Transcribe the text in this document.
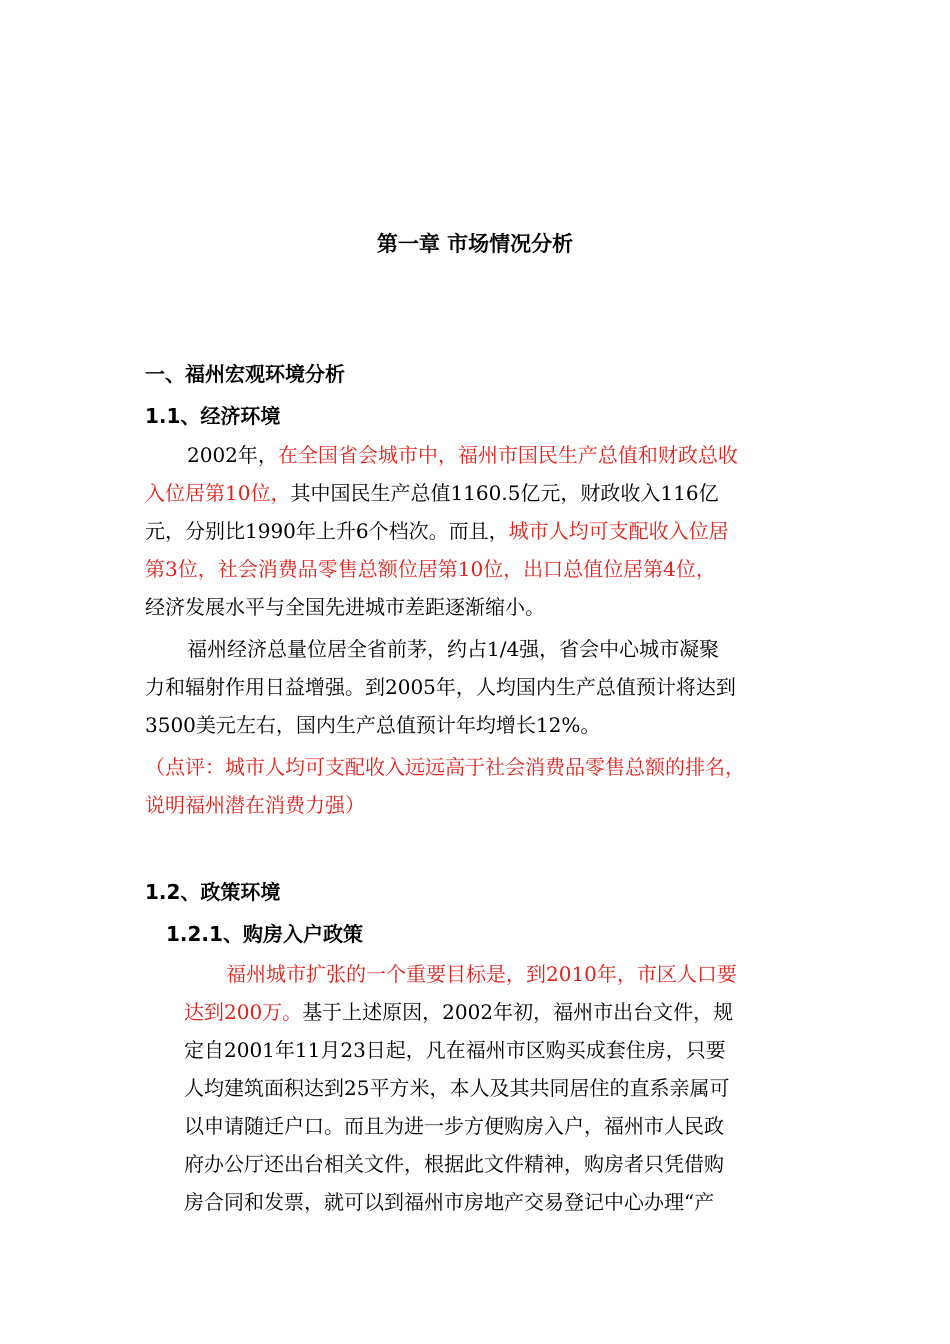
第一章 市场情况分析
一、福州宏观环境分析
1.1、经济环境
2002年，在全国省会城市中，福州市国民生产总值和财政总收
入位居第10位，其中国民生产总值1160.5亿元，财政收入116亿
元，分别比1990年上升6个档次。而且，城市人均可支配收入位居
第3位，社会消费品零售总额位居第10位，出口总值位居第4位，
经济发展水平与全国先进城市差距逐渐缩小。
福州经济总量位居全省前茅，约占1/4强，省会中心城市凝聚
力和辐射作用日益增强。到2005年，人均国内生产总值预计将达到
3500美元左右，国内生产总值预计年均增长12%。
（点评：城市人均可支配收入远远高于社会消费品零售总额的排名，
说明福州潜在消费力强）
1.2、政策环境
1.2.1、购房入户政策
福州城市扩张的一个重要目标是，到2010年，市区人口要
达到200万。基于上述原因，2002年初，福州市出台文件，规
定自2001年11月23日起，凡在福州市区购买成套住房，只要
人均建筑面积达到25平方米，本人及其共同居住的直系亲属可
以申请随迁户口。而且为进一步方便购房入户，福州市人民政
府办公厅还出台相关文件，根据此文件精神，购房者只凭借购
房合同和发票，就可以到福州市房地产交易登记中心办理“产
